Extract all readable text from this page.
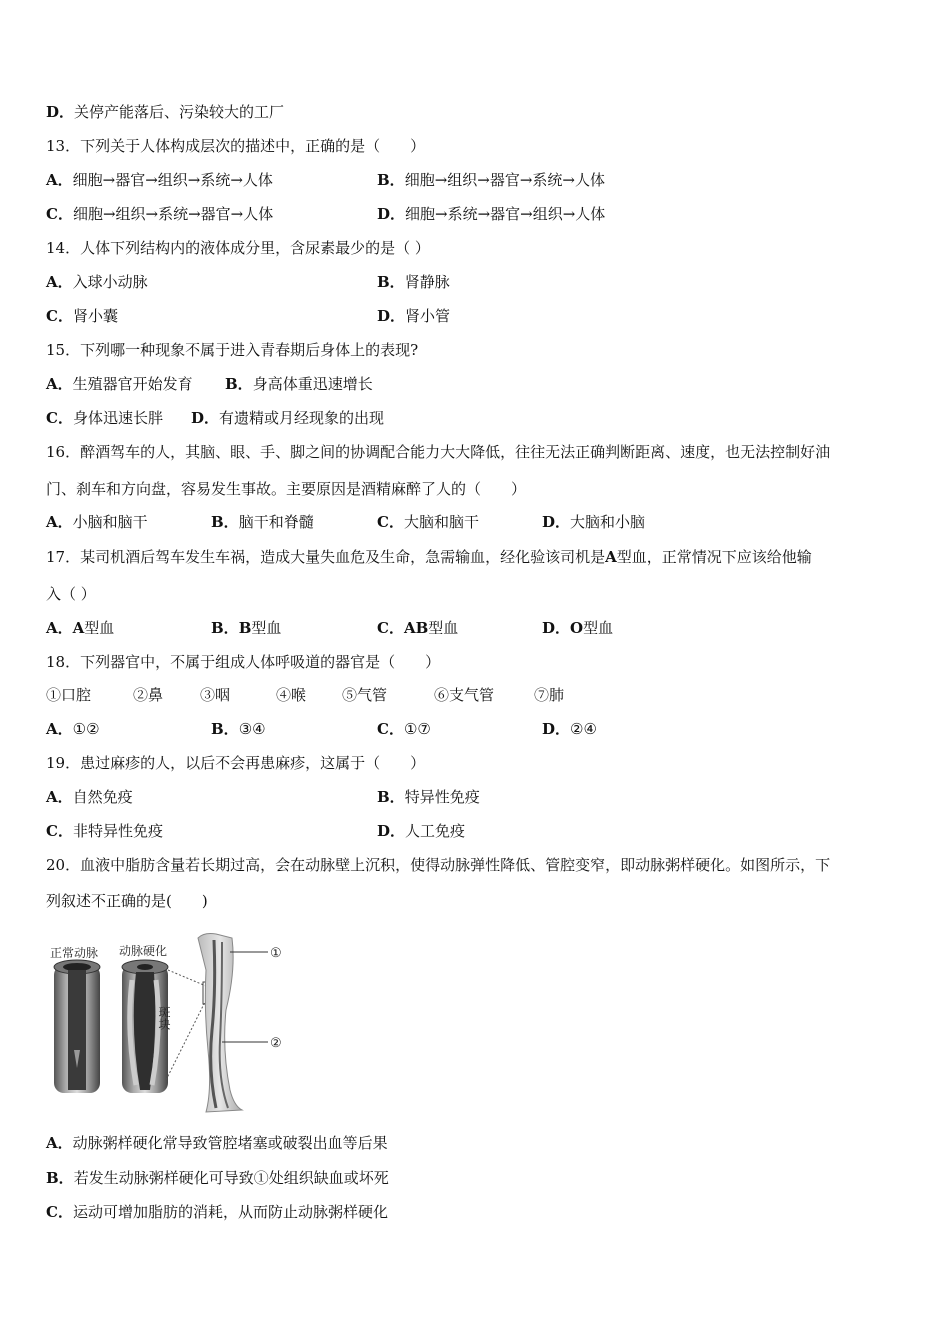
D．关停产能落后、污染较大的工厂
13．下列关于人体构成层次的描述中，正确的是（　　）
A．细胞→器官→组织→系统→人体	B．细胞→组织→器官→系统→人体
C．细胞→组织→系统→器官→人体	D．细胞→系统→器官→组织→人体
14．人体下列结构内的液体成分里，含尿素最少的是（ ）
A．入球小动脉	B．肾静脉
C．肾小囊	D．肾小管
15．下列哪一种现象不属于进入青春期后身体上的表现?
A．生殖器官开始发育 B．身高体重迅速增长
C．身体迅速长胖 D．有遗精或月经现象的出现
16．醉酒驾车的人，其脑、眼、手、脚之间的协调配合能力大大降低，往往无法正确判断距离、速度，也无法控制好油
门、刹车和方向盘，容易发生事故。主要原因是酒精麻醉了人的（　　）
A．小脑和脑干	B．脑干和脊髓	C．大脑和脑干	D．大脑和小脑
17．某司机酒后驾车发生车祸，造成大量失血危及生命，急需输血，经化验该司机是A型血，正常情况下应该给他输
入（ ）
A．A型血	B．B型血	C．AB型血	D．O型血
18．下列器官中，不属于组成人体呼吸道的器官是（　　）
①口腔	②鼻 ③咽	④喉 ⑤气管	⑥支气管	⑦肺
A．①②	B．③④	C．①⑦	D．②④
19．患过麻疹的人，以后不会再患麻疹，这属于（　　）
A．自然免疫	B．特异性免疫
C．非特异性免疫	D．人工免疫
20．血液中脂肪含量若长期过高，会在动脉壁上沉积，使得动脉弹性降低、管腔变窄，即动脉粥样硬化。如图所示，下
列叙述不正确的是(　　)
正常动脉 动脉硬化
斑块
①
②
A．动脉粥样硬化常导致管腔堵塞或破裂出血等后果
B．若发生动脉粥样硬化可导致①处组织缺血或坏死
C．运动可增加脂肪的消耗，从而防止动脉粥样硬化
